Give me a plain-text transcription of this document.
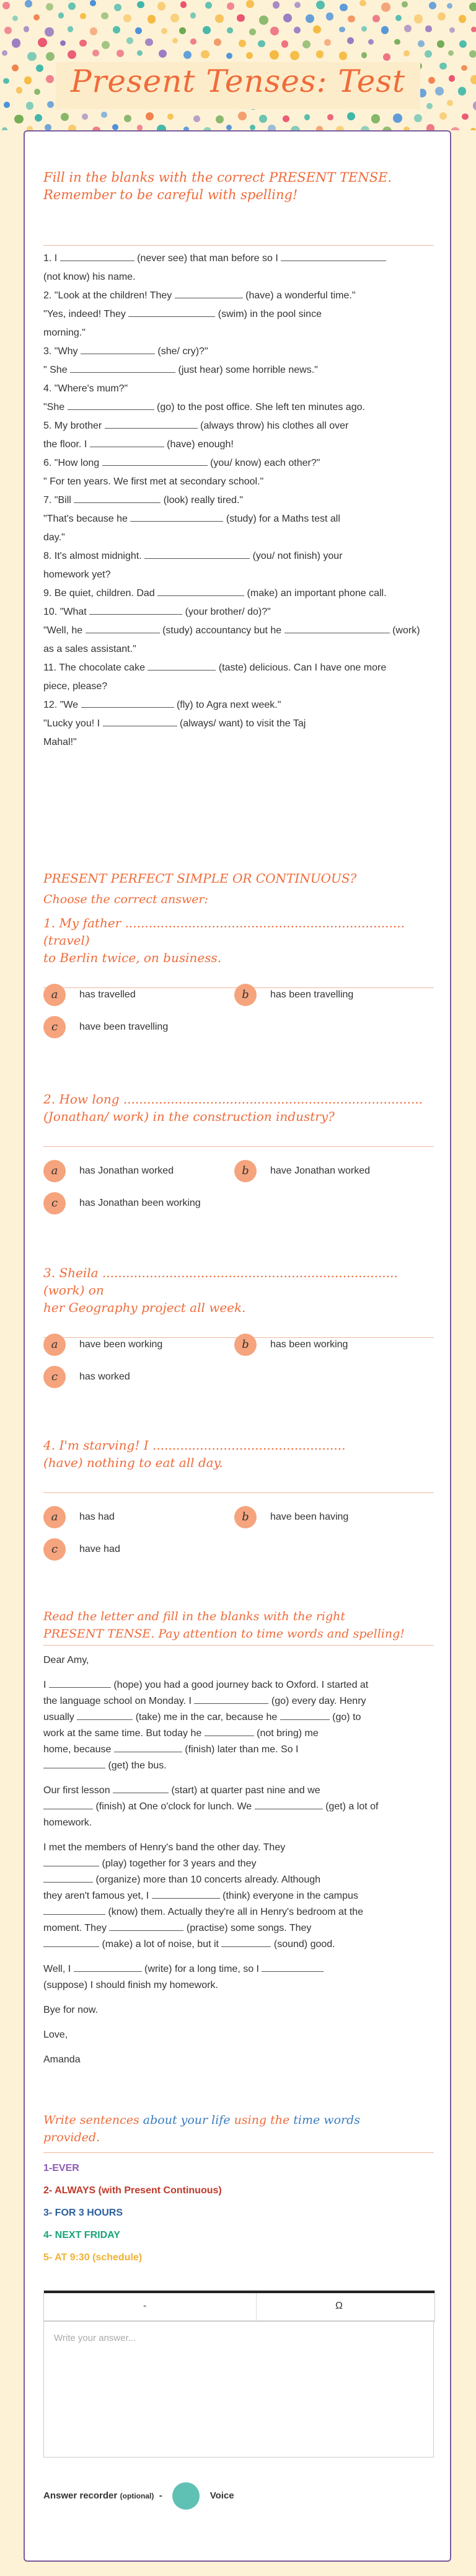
Present Tenses: Test
Fill in the blanks with the correct PRESENT TENSE.
Remember to be careful with spelling!
1. I	(never see) that man before so I
(not know) his name.
2. "Look at the children! They	(have) a wonderful time."
"Yes, indeed! They	(swim) in the pool since
morning."
3. "Why	(she/ cry)?"
" She	(just hear) some horrible news."
4. "Where's mum?"
"She	(go) to the post office. She left ten minutes ago.
5. My brother	(always throw) his clothes all over
the floor. I	(have) enough!
6. "How long	(you/ know) each other?"
" For ten years. We first met at secondary school."
7. "Bill	(look) really tired."
"That's because he	(study) for a Maths test all
day."
8. It's almost midnight.	(you/ not finish) your
homework yet?
9. Be quiet, children. Dad	(make) an important phone call.
10. "What	(your brother/ do)?"
"Well, he	(study) accountancy but he	(work)
as a sales assistant."
11. The chocolate cake	(taste) delicious. Can I have one more
piece, please?
12. "We	(fly) to Agra next week."
"Lucky you! I	(always/ want) to visit the Taj
Mahal!"
PRESENT PERFECT SIMPLE OR CONTINUOUS?
Choose the correct answer:
1. My father ....................................................................... (travel)
to Berlin twice, on business.
a has travelled	b has been travelling
c have been travelling
2. How long ............................................................................
(Jonathan/ work) in the construction industry?
a has Jonathan worked	b have Jonathan worked
c has Jonathan been working
3. Sheila ........................................................................... (work) on
her Geography project all week.
a have been working	b has been working
c has worked
4. I'm starving! I .................................................
(have) nothing to eat all day.
a has had	b have been having
c have had
Read the letter and fill in the blanks with the right
PRESENT TENSE. Pay attention to time words and spelling!
Dear Amy,
I	(hope) you had a good journey back to Oxford. I started at
the language school on Monday. I	(go) every day. Henry
usually	(take) me in the car, because he	(go) to
work at the same time. But today he	(not bring) me
home, because	(finish) later than me. So I
(get) the bus.
Our first lesson	(start) at quarter past nine and we
(finish) at One o'clock for lunch. We	(get) a lot of
homework.
I met the members of Henry's band the other day. They
(play) together for 3 years and they
(organize) more than 10 concerts already. Although
they aren't famous yet, I	(think) everyone in the campus
(know) them. Actually they're all in Henry's bedroom at the
moment. They	(practise) some songs. They
(make) a lot of noise, but it	(sound) good.
Well, I	(write) for a long time, so I
(suppose) I should finish my homework.
Bye for now.
Love,
Amanda
Write sentences about your life using the time words
provided.
1-EVER
2- ALWAYS (with Present Continuous)
3- FOR 3 HOURS
4- NEXT FRIDAY
5- AT 9:30 (schedule)
-	Ω
Write your answer...
Answer recorder (optional) -	Voice
